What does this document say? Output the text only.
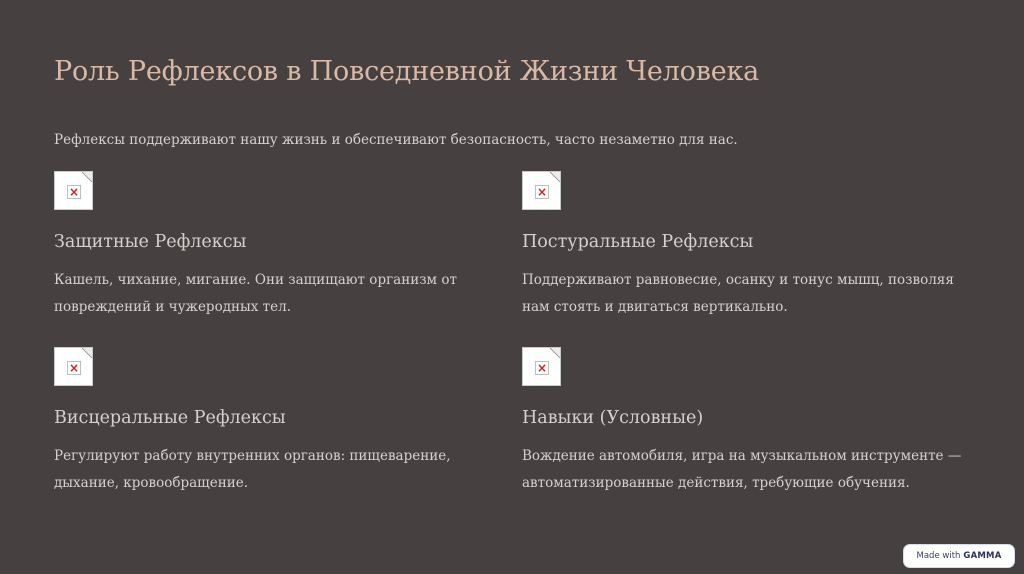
Роль Рефлексов в Повседневной Жизни Человека

Рефлексы поддерживают нашу жизнь и обеспечивают безопасность, часто незаметно для нас.

×
Защитные Рефлексы

Кашель, чихание, мигание. Они защищают организм от повреждений и чужеродных тел.

×
Постуральные Рефлексы

Поддерживают равновесие, осанку и тонус мышц, позволяя нам стоять и двигаться вертикально.

×
Висцеральные Рефлексы

Регулируют работу внутренних органов: пищеварение, дыхание, кровообращение.

×
Навыки (Условные)

Вождение автомобиля, игра на музыкальном инструменте — автоматизированные действия, требующие обучения.

Made with GAMMA
